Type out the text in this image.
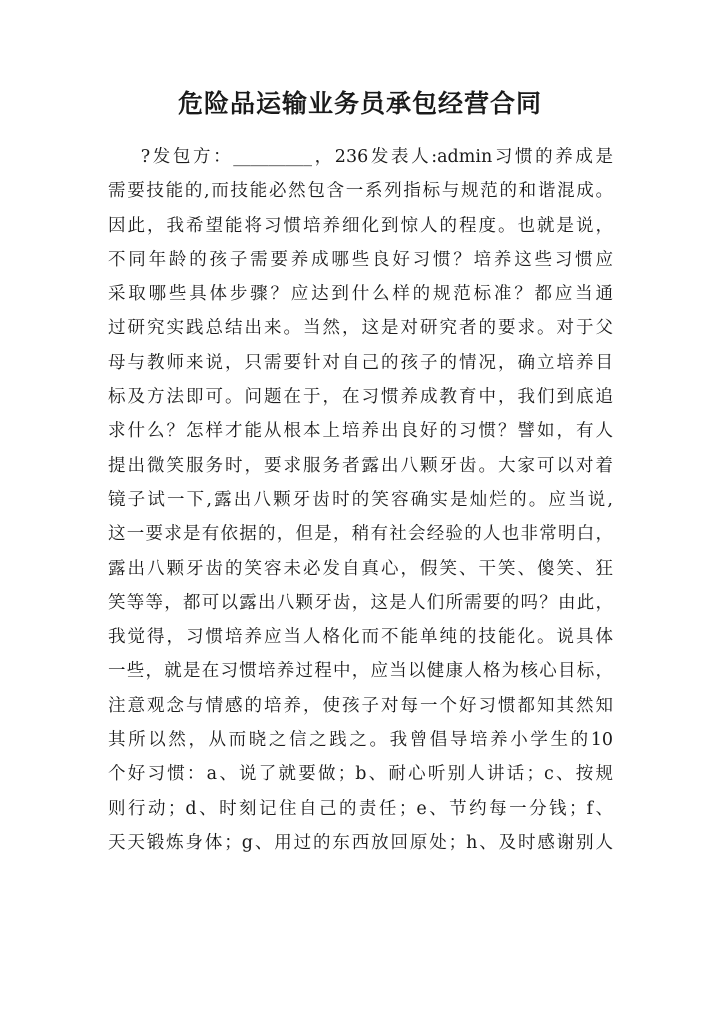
危险品运输业务员承包经营合同
?发包方：_________，236发表人:admin习惯的养成是
需要技能的,而技能必然包含一系列指标与规范的和谐混成。
因此，我希望能将习惯培养细化到惊人的程度。也就是说，
不同年龄的孩子需要养成哪些良好习惯？培养这些习惯应
采取哪些具体步骤？应达到什么样的规范标准？都应当通
过研究实践总结出来。当然，这是对研究者的要求。对于父
母与教师来说，只需要针对自己的孩子的情况，确立培养目
标及方法即可。问题在于，在习惯养成教育中，我们到底追
求什么？怎样才能从根本上培养出良好的习惯？譬如，有人
提出微笑服务时，要求服务者露出八颗牙齿。大家可以对着
镜子试一下,露出八颗牙齿时的笑容确实是灿烂的。应当说,
这一要求是有依据的，但是，稍有社会经验的人也非常明白，
露出八颗牙齿的笑容未必发自真心，假笑、干笑、傻笑、狂
笑等等，都可以露出八颗牙齿，这是人们所需要的吗？由此，
我觉得，习惯培养应当人格化而不能单纯的技能化。说具体
一些，就是在习惯培养过程中，应当以健康人格为核心目标，
注意观念与情感的培养，使孩子对每一个好习惯都知其然知
其所以然，从而晓之信之践之。我曾倡导培养小学生的10
个好习惯：a、说了就要做；b、耐心听别人讲话；c、按规
则行动；d、时刻记住自己的责任；e、节约每一分钱；f、
天天锻炼身体；g、用过的东西放回原处；h、及时感谢别人
